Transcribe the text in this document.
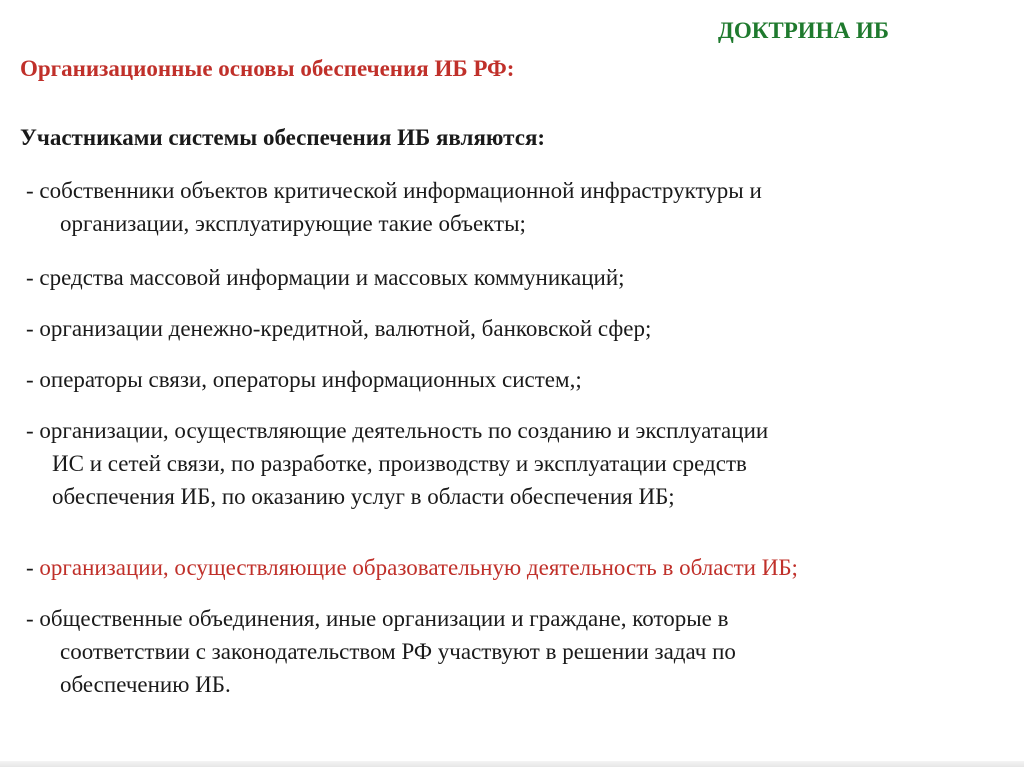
ДОКТРИНА ИБ
Организационные основы обеспечения ИБ РФ:
Участниками системы обеспечения ИБ являются:
- собственники объектов критической информационной инфраструктуры и
организации, эксплуатирующие такие объекты;
- средства массовой информации и массовых коммуникаций;
- организации денежно-кредитной, валютной, банковской сфер;
- операторы связи, операторы информационных систем,;
- организации, осуществляющие деятельность по созданию и эксплуатации
ИС и сетей связи, по разработке, производству и эксплуатации средств
обеспечения ИБ, по оказанию услуг в области обеспечения ИБ;
- организации, осуществляющие образовательную деятельность в области ИБ;
- общественные объединения, иные организации и граждане, которые в
соответствии с законодательством РФ участвуют в решении задач по
обеспечению ИБ.
